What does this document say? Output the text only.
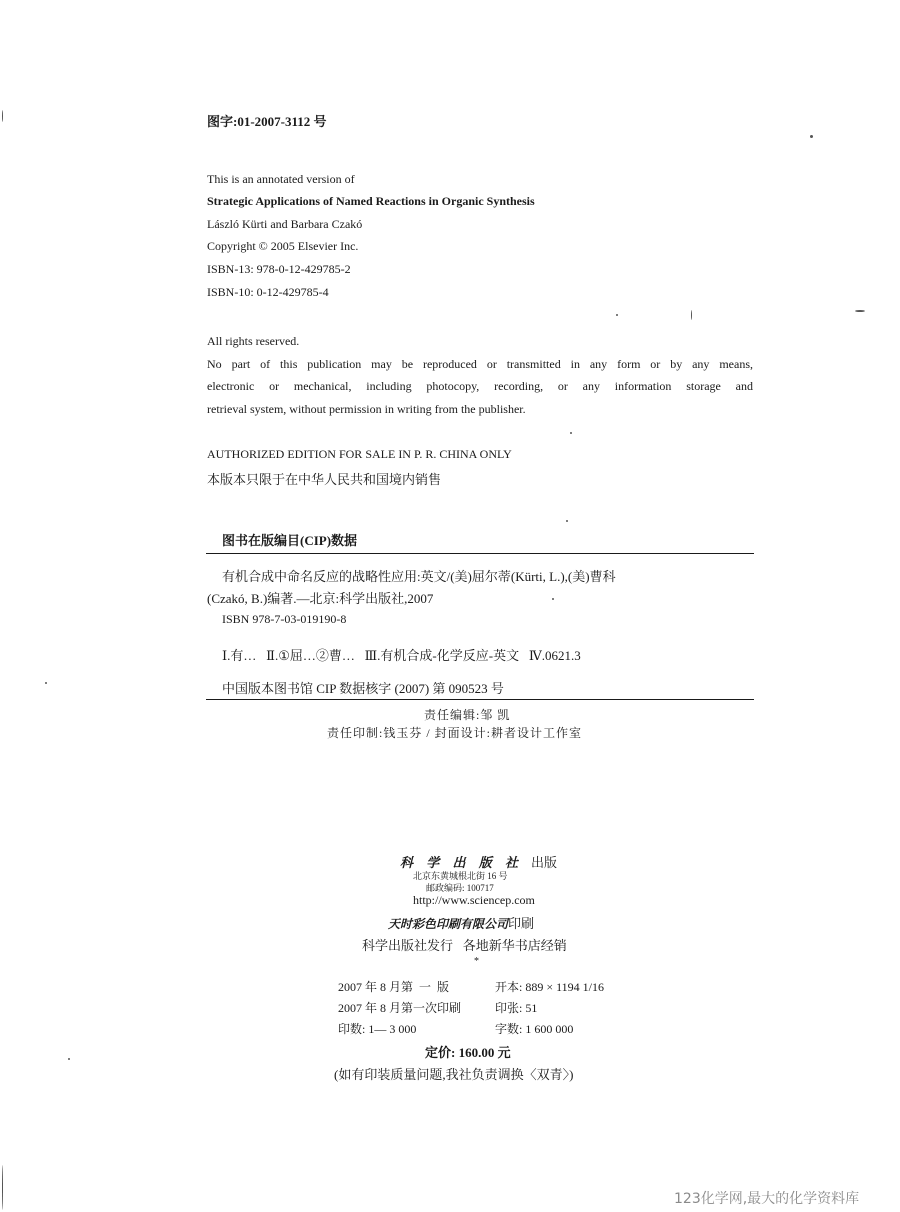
图字:01-2007-3112 号
This is an annotated version of
Strategic Applications of Named Reactions in Organic Synthesis
László Kürti and Barbara Czakó
Copyright © 2005 Elsevier Inc.
ISBN-13: 978-0-12-429785-2
ISBN-10: 0-12-429785-4
All rights reserved.
No part of this publication may be reproduced or transmitted in any form or by any means,
electronic or mechanical, including photocopy, recording, or any information storage and
retrieval system, without permission in writing from the publisher.
AUTHORIZED EDITION FOR SALE IN P. R. CHINA ONLY
本版本只限于在中华人民共和国境内销售
图书在版编目(CIP)数据
有机合成中命名反应的战略性应用:英文/(美)屈尔蒂(Kürti, L.),(美)曹科
(Czakó, B.)编著.—北京:科学出版社,2007
ISBN 978-7-03-019190-8
Ⅰ.有…   Ⅱ.①屈…②曹…   Ⅲ.有机合成-化学反应-英文   Ⅳ.0621.3
中国版本图书馆 CIP 数据核字 (2007) 第 090523 号
责任编辑:邹 凯
责任印制:钱玉芬 / 封面设计:耕者设计工作室
科 学 出 版 社 出版
北京东黄城根北街 16 号
邮政编码: 100717
http://www.sciencep.com
天时彩色印刷有限公司印刷
科学出版社发行   各地新华书店经销
*
2007 年 8 月第  一  版	开本: 889 × 1194 1/16
2007 年 8 月第一次印刷	印张: 51
印数: 1— 3 000	字数: 1 600 000
定价: 160.00 元
(如有印装质量问题,我社负责调换〈双青〉)
123化学网,最大的化学资料库
